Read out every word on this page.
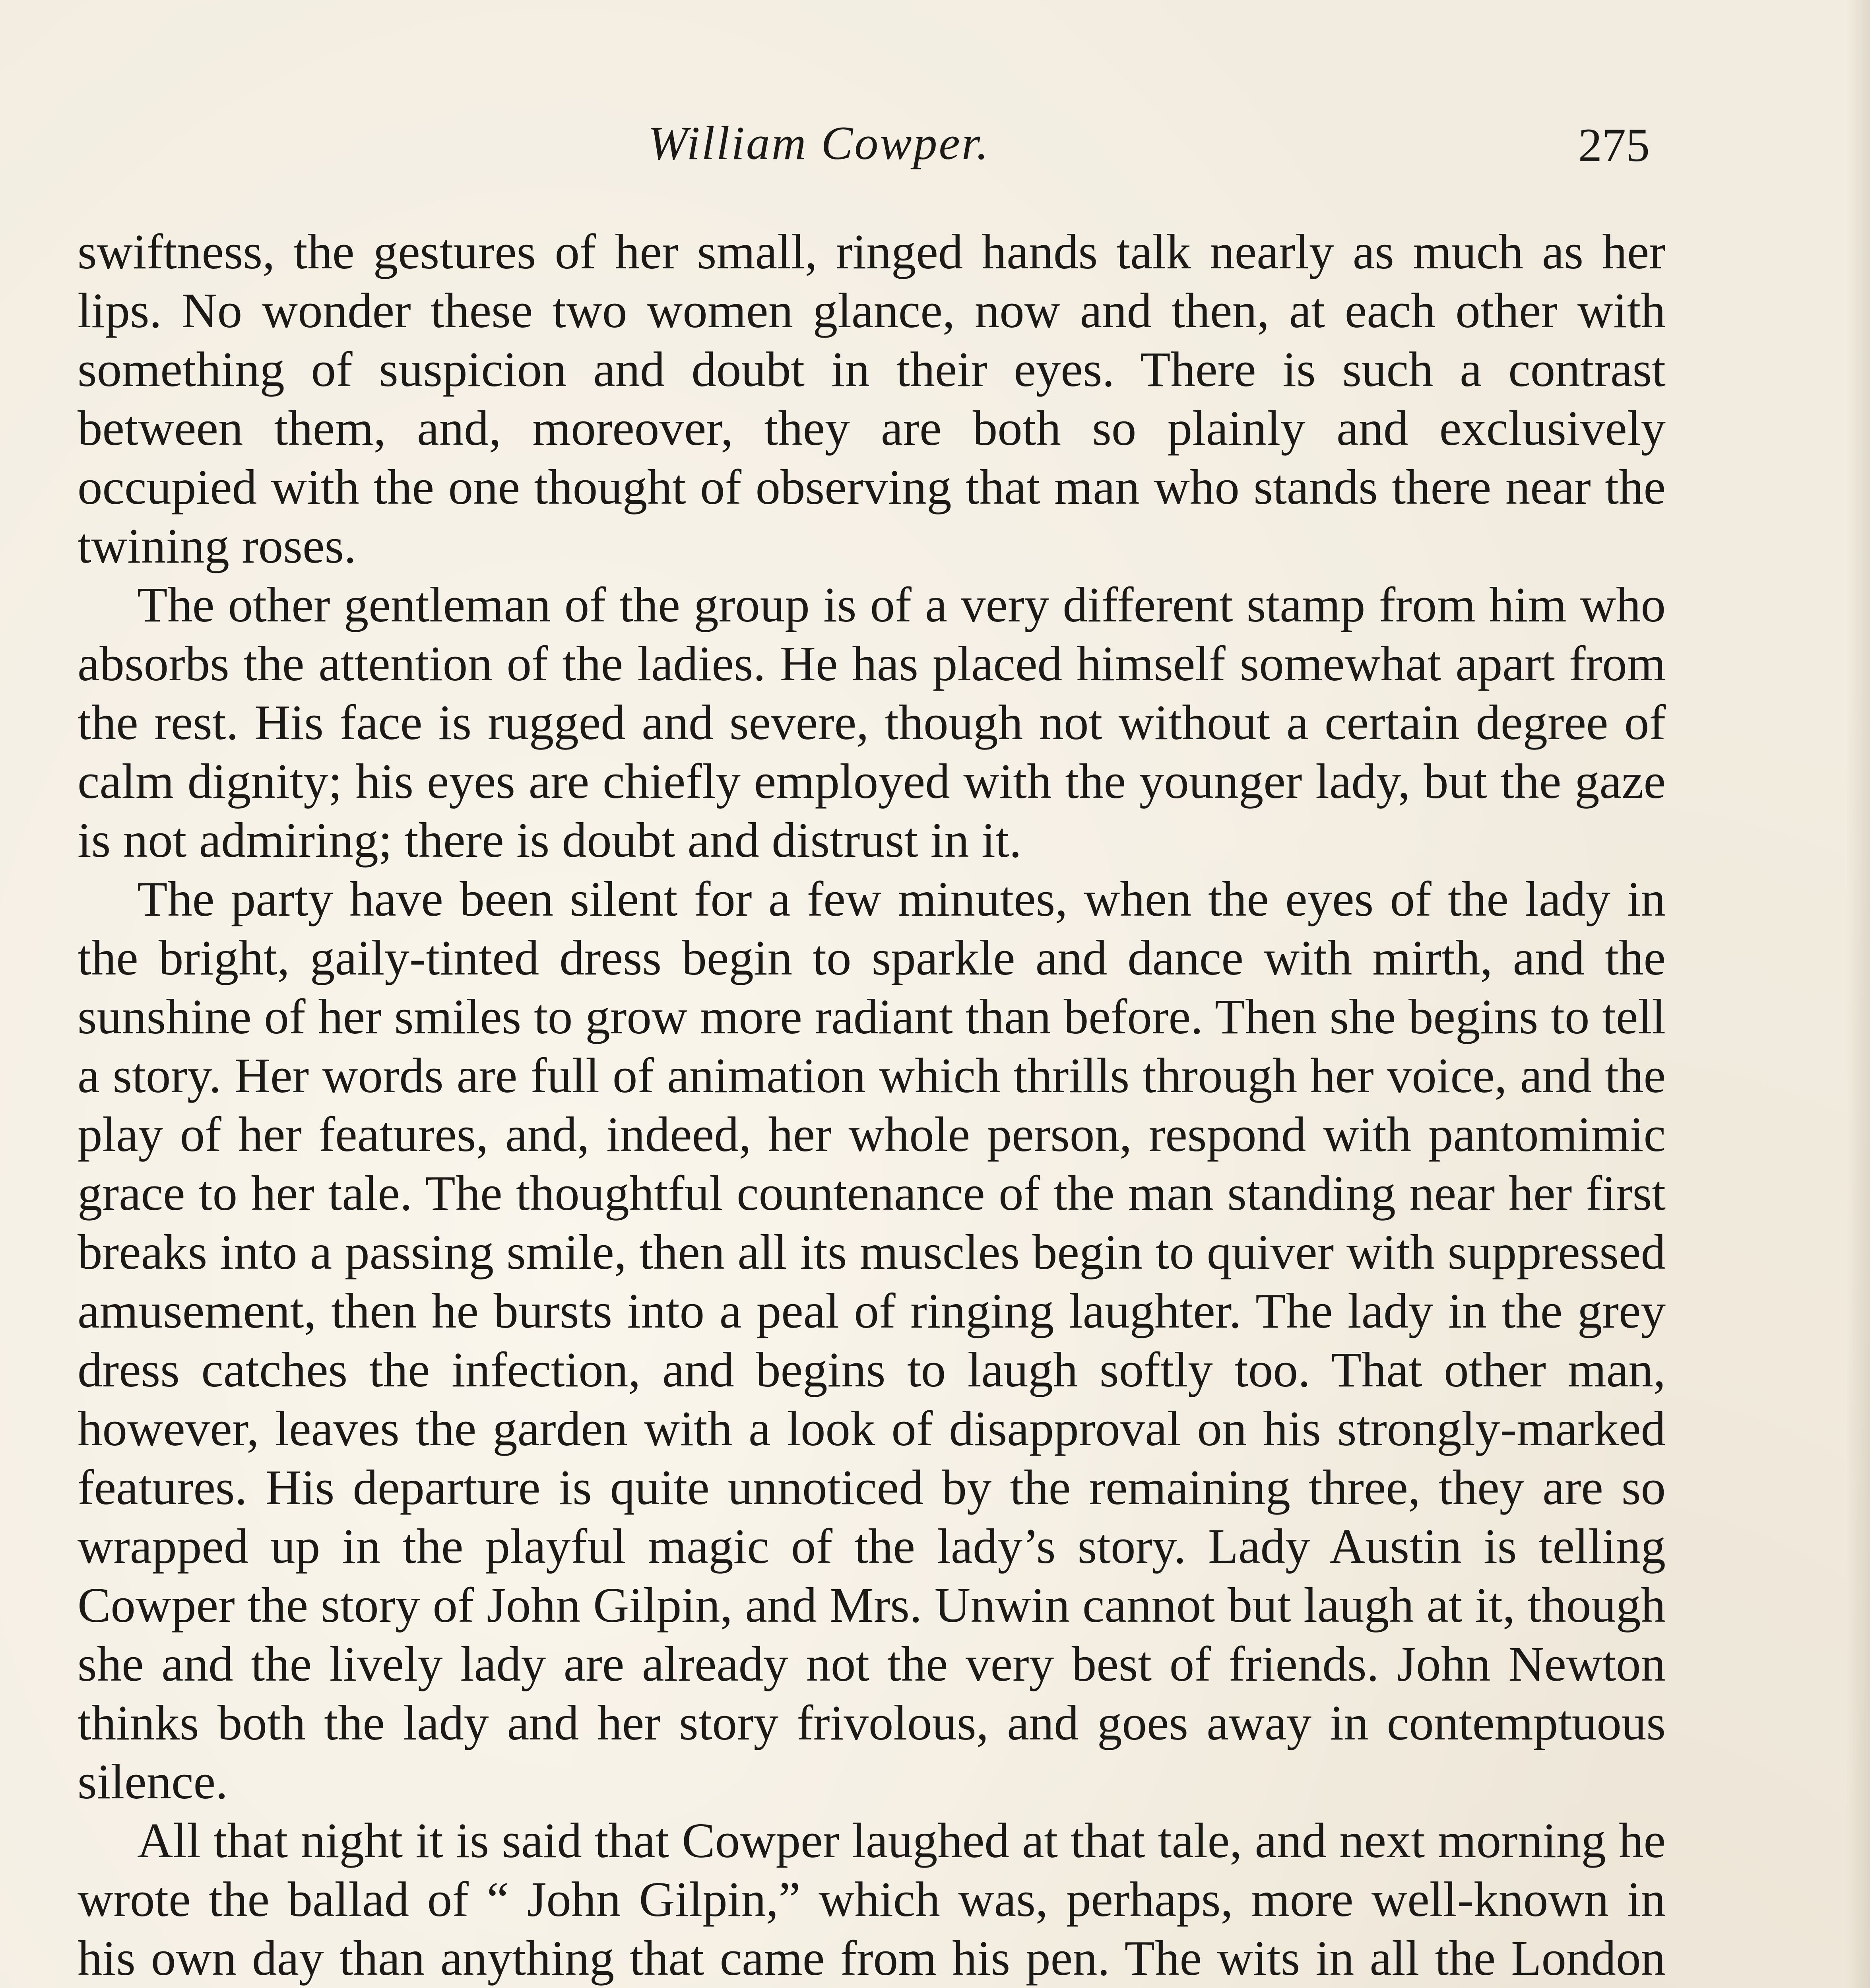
William Cowper.	275

swiftness, the gestures of her small, ringed hands talk nearly as much as her lips. No wonder these two women glance, now and then, at each other with something of suspicion and doubt in their eyes. There is such a contrast between them, and, moreover, they are both so plainly and exclusively occupied with the one thought of observing that man who stands there near the twining roses.

The other gentleman of the group is of a very different stamp from him who absorbs the attention of the ladies. He has placed himself somewhat apart from the rest. His face is rugged and severe, though not without a certain degree of calm dignity; his eyes are chiefly employed with the younger lady, but the gaze is not admiring; there is doubt and distrust in it.

The party have been silent for a few minutes, when the eyes of the lady in the bright, gaily-tinted dress begin to sparkle and dance with mirth, and the sunshine of her smiles to grow more radiant than before. Then she begins to tell a story. Her words are full of animation which thrills through her voice, and the play of her features, and, indeed, her whole person, respond with pantomimic grace to her tale. The thoughtful countenance of the man standing near her first breaks into a passing smile, then all its muscles begin to quiver with suppressed amusement, then he bursts into a peal of ringing laughter. The lady in the grey dress catches the infection, and begins to laugh softly too. That other man, however, leaves the garden with a look of disapproval on his strongly-marked features. His departure is quite unnoticed by the remaining three, they are so wrapped up in the playful magic of the lady’s story. Lady Austin is telling Cowper the story of John Gilpin, and Mrs. Unwin cannot but laugh at it, though she and the lively lady are already not the very best of friends. John Newton thinks both the lady and her story frivolous, and goes away in contemptuous silence.

All that night it is said that Cowper laughed at that tale, and next morning he wrote the ballad of “ John Gilpin,” which was, perhaps, more well-known in his own day than anything that came from his pen. The wits in all the London
